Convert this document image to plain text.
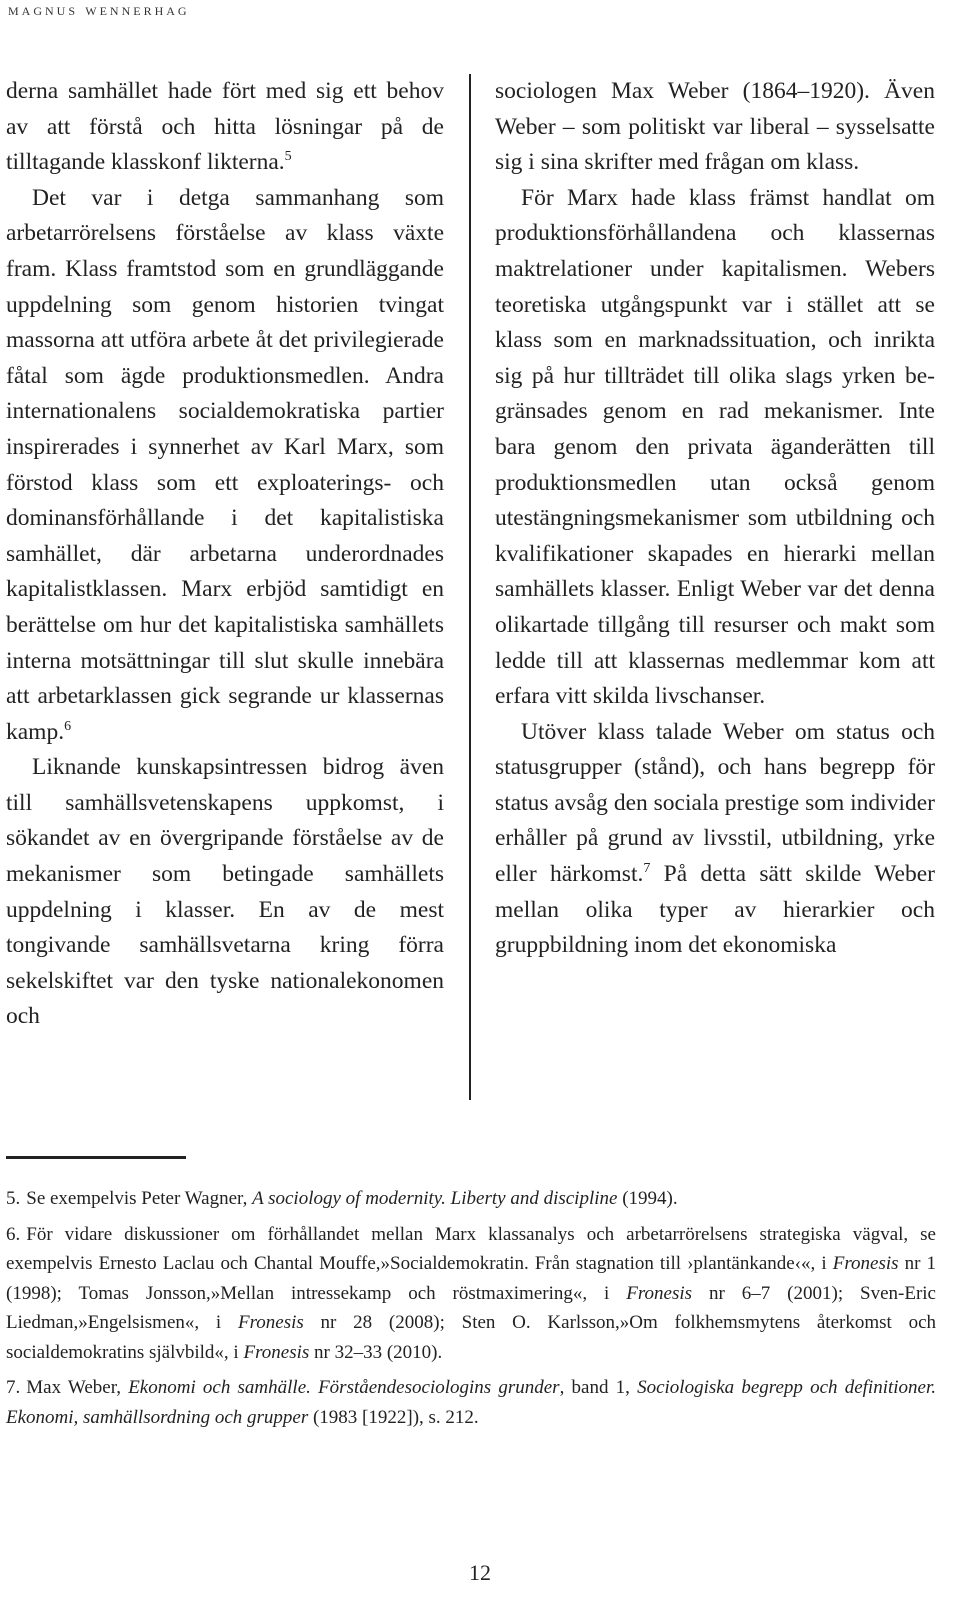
magnus wennerhag

derna samhället hade fört med sig ett behov av att förstå och hitta lösningar på de tilltagande klasskonf likterna.$^5$

Det var i detga sammanhang som arbetarrörelsens förståelse av klass växte fram. Klass framtstod som en grundläggande uppdelning som genom historien tvingat massorna att utföra arbete åt det privilegierade fåtal som ägde produktionsmedlen. Andra internationalens socialdemokratiska partier inspirerades i synnerhet av Karl Marx, som förstod klass som ett exploaterings- och dominansförhållande i det kapitalistiska samhället, där arbetarna underordnades kapitalistklassen. Marx erbjöd samtidigt en berättelse om hur det kapitalistiska samhällets interna motsättningar till slut skulle innebära att arbetarklassen gick segrande ur klassernas kamp.$^6$

Liknande kunskapsintressen bidrog även till samhällsvetenskapens uppkomst, i sökandet av en övergripande förståelse av de mekanismer som betingade samhällets uppdelning i klasser. En av de mest tongivande samhällsvetarna kring förra sekelskiftet var den tyske nationalekonomen och

sociologen Max Weber (1864–1920). Även Weber – som politiskt var liberal – sysselsatte sig i sina skrifter med frågan om klass.

För Marx hade klass främst handlat om produktionsförhållandena och klassernas maktrelationer under kapitalismen. Webers teoretiska utgångspunkt var i stället att se klass som en marknadssituation, och inrikta sig på hur tillträdet till olika slags yrken begränsades genom en rad mekanismer. Inte bara genom den privata äganderätten till produktionsmedlen utan också genom utestängningsmekanismer som utbildning och kvalifikationer skapades en hierarki mellan samhällets klasser. Enligt Weber var det denna olikartade tillgång till resurser och makt som ledde till att klassernas medlemmar kom att erfara vitt skilda livschanser.

Utöver klass talade Weber om status och statusgrupper (stånd), och hans begrepp för status avsåg den sociala prestige som individer erhåller på grund av livsstil, utbildning, yrke eller härkomst.$^7$ På detta sätt skilde Weber mellan olika typer av hierarkier och gruppbildning inom det ekonomiska

5. Se exempelvis Peter Wagner, A sociology of modernity. Liberty and discipline (1994).

6. För vidare diskussioner om förhållandet mellan Marx klassanalys och arbetarrörelsens strategiska vägval, se exempelvis Ernesto Laclau och Chantal Mouffe,»Socialdemokratin. Från stagnation till ›plantänkande‹«, i Fronesis nr 1 (1998); Tomas Jonsson,»Mellan intressekamp och röstmaximering«, i Fronesis nr 6–7 (2001); Sven-Eric Liedman,»Engelsismen«, i Fronesis nr 28 (2008); Sten O. Karlsson,»Om folkhemsmytens återkomst och socialdemokratins självbild«, i Fronesis nr 32–33 (2010).

7. Max Weber, Ekonomi och samhälle. Förståendesociologins grunder, band 1, Sociologiska begrepp och definitioner. Ekonomi, samhällsordning och grupper (1983 [1922]), s. 212.

12
